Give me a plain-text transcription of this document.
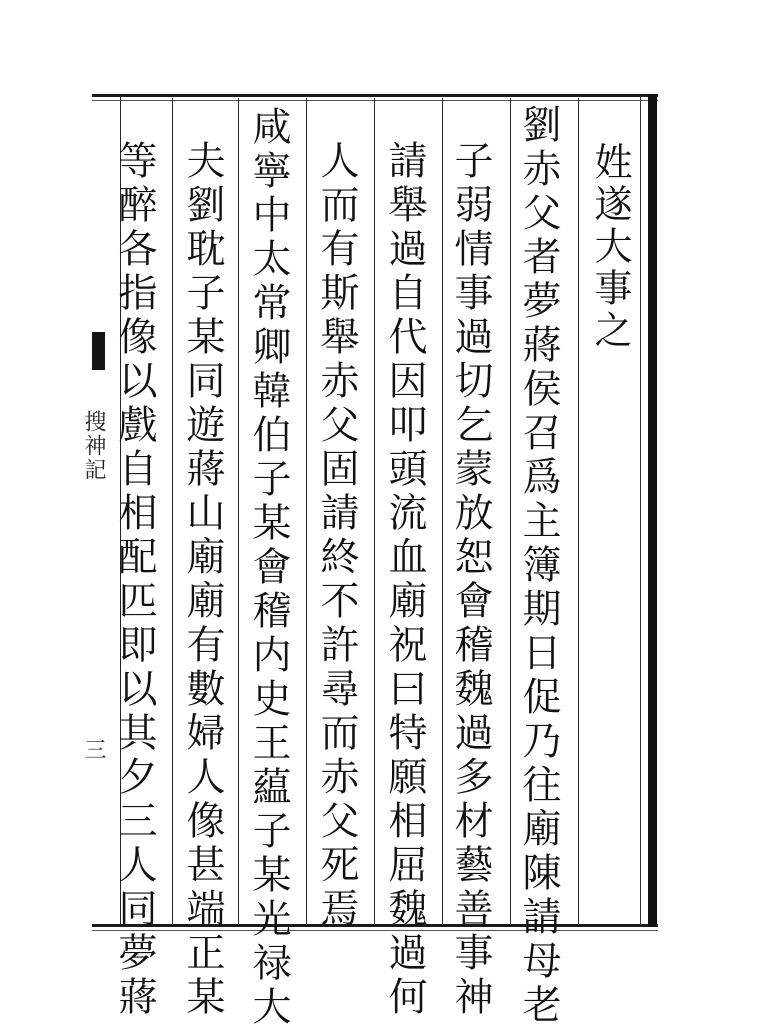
搜神記
三
姓遂大事之
劉赤父者夢蔣侯召爲主簿期日促乃往廟陳請母老
子弱情事過切乞蒙放恕會稽魏過多材藝善事神
請舉過自代因叩頭流血廟祝曰特願相屈魏過何
人而有斯舉赤父固請終不許尋而赤父死焉
咸寧中太常卿韓伯子某會稽内史王藴子某光禄大
夫劉耽子某同遊蔣山廟廟有數婦人像甚端正某
等醉各指像以戲自相配匹即以其夕三人同夢蔣
